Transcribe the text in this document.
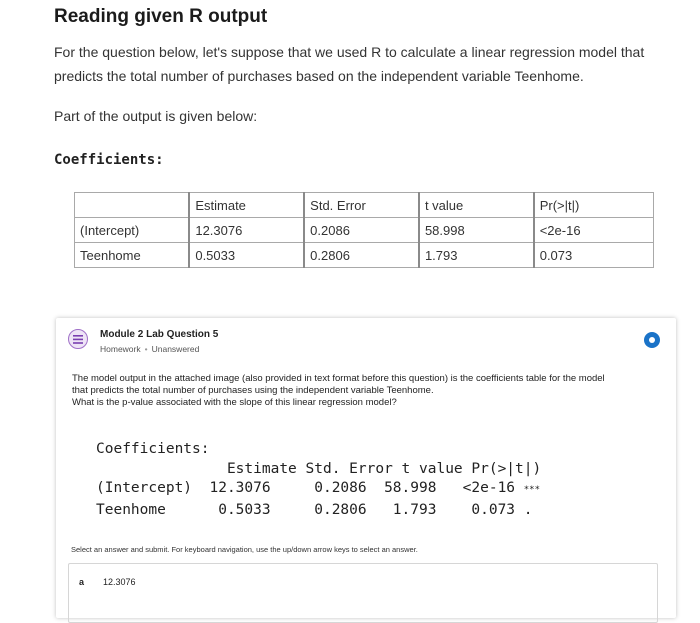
Reading given R output
For the question below, let's suppose that we used R to calculate a linear regression model that predicts the total number of purchases based on the independent variable Teenhome.
Part of the output is given below:
Coefficients:
	Estimate	Std. Error	t value	Pr(>|t|)
(Intercept)	12.3076	0.2086	58.998	<2e-16
Teenhome	0.5033	0.2806	1.793	0.073
Module 2 Lab Question 5
Homework • Unanswered
The model output in the attached image (also provided in text format before this question) is the coefficients table for the model
that predicts the total number of purchases using the independent variable Teenhome.
What is the p-value associated with the slope of this linear regression model?
Coefficients:
Estimate Std. Error t value Pr(>|t|)
(Intercept)  12.3076     0.2086  58.998   <2e-16 ***
Teenhome      0.5033     0.2806   1.793    0.073 .
Select an answer and submit. For keyboard navigation, use the up/down arrow keys to select an answer.
a 12.3076
